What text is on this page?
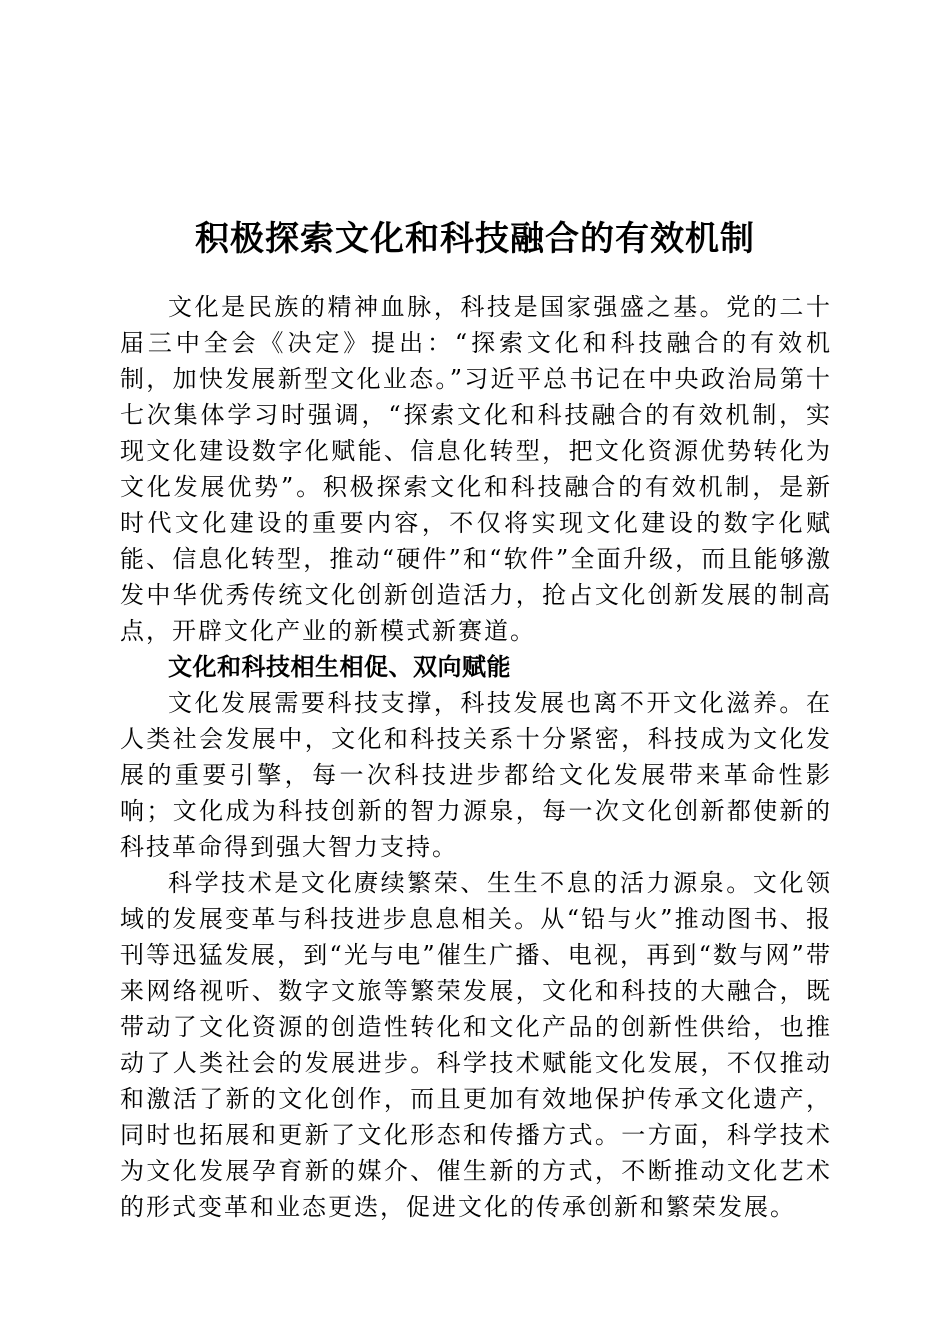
积极探索文化和科技融合的有效机制

文化是民族的精神血脉，科技是国家强盛之基。党的二十届三中全会《决定》提出：“探索文化和科技融合的有效机制，加快发展新型文化业态。”习近平总书记在中央政治局第十七次集体学习时强调，“探索文化和科技融合的有效机制，实现文化建设数字化赋能、信息化转型，把文化资源优势转化为文化发展优势”。积极探索文化和科技融合的有效机制，是新时代文化建设的重要内容，不仅将实现文化建设的数字化赋能、信息化转型，推动“硬件”和“软件”全面升级，而且能够激发中华优秀传统文化创新创造活力，抢占文化创新发展的制高点，开辟文化产业的新模式新赛道。

文化和科技相生相促、双向赋能

文化发展需要科技支撑，科技发展也离不开文化滋养。在人类社会发展中，文化和科技关系十分紧密，科技成为文化发展的重要引擎，每一次科技进步都给文化发展带来革命性影响；文化成为科技创新的智力源泉，每一次文化创新都使新的科技革命得到强大智力支持。

科学技术是文化赓续繁荣、生生不息的活力源泉。文化领域的发展变革与科技进步息息相关。从“铅与火”推动图书、报刊等迅猛发展，到“光与电”催生广播、电视，再到“数与网”带来网络视听、数字文旅等繁荣发展，文化和科技的大融合，既带动了文化资源的创造性转化和文化产品的创新性供给，也推动了人类社会的发展进步。科学技术赋能文化发展，不仅推动和激活了新的文化创作，而且更加有效地保护传承文化遗产，同时也拓展和更新了文化形态和传播方式。一方面，科学技术为文化发展孕育新的媒介、催生新的方式，不断推动文化艺术的形式变革和业态更迭，促进文化的传承创新和繁荣发展。
